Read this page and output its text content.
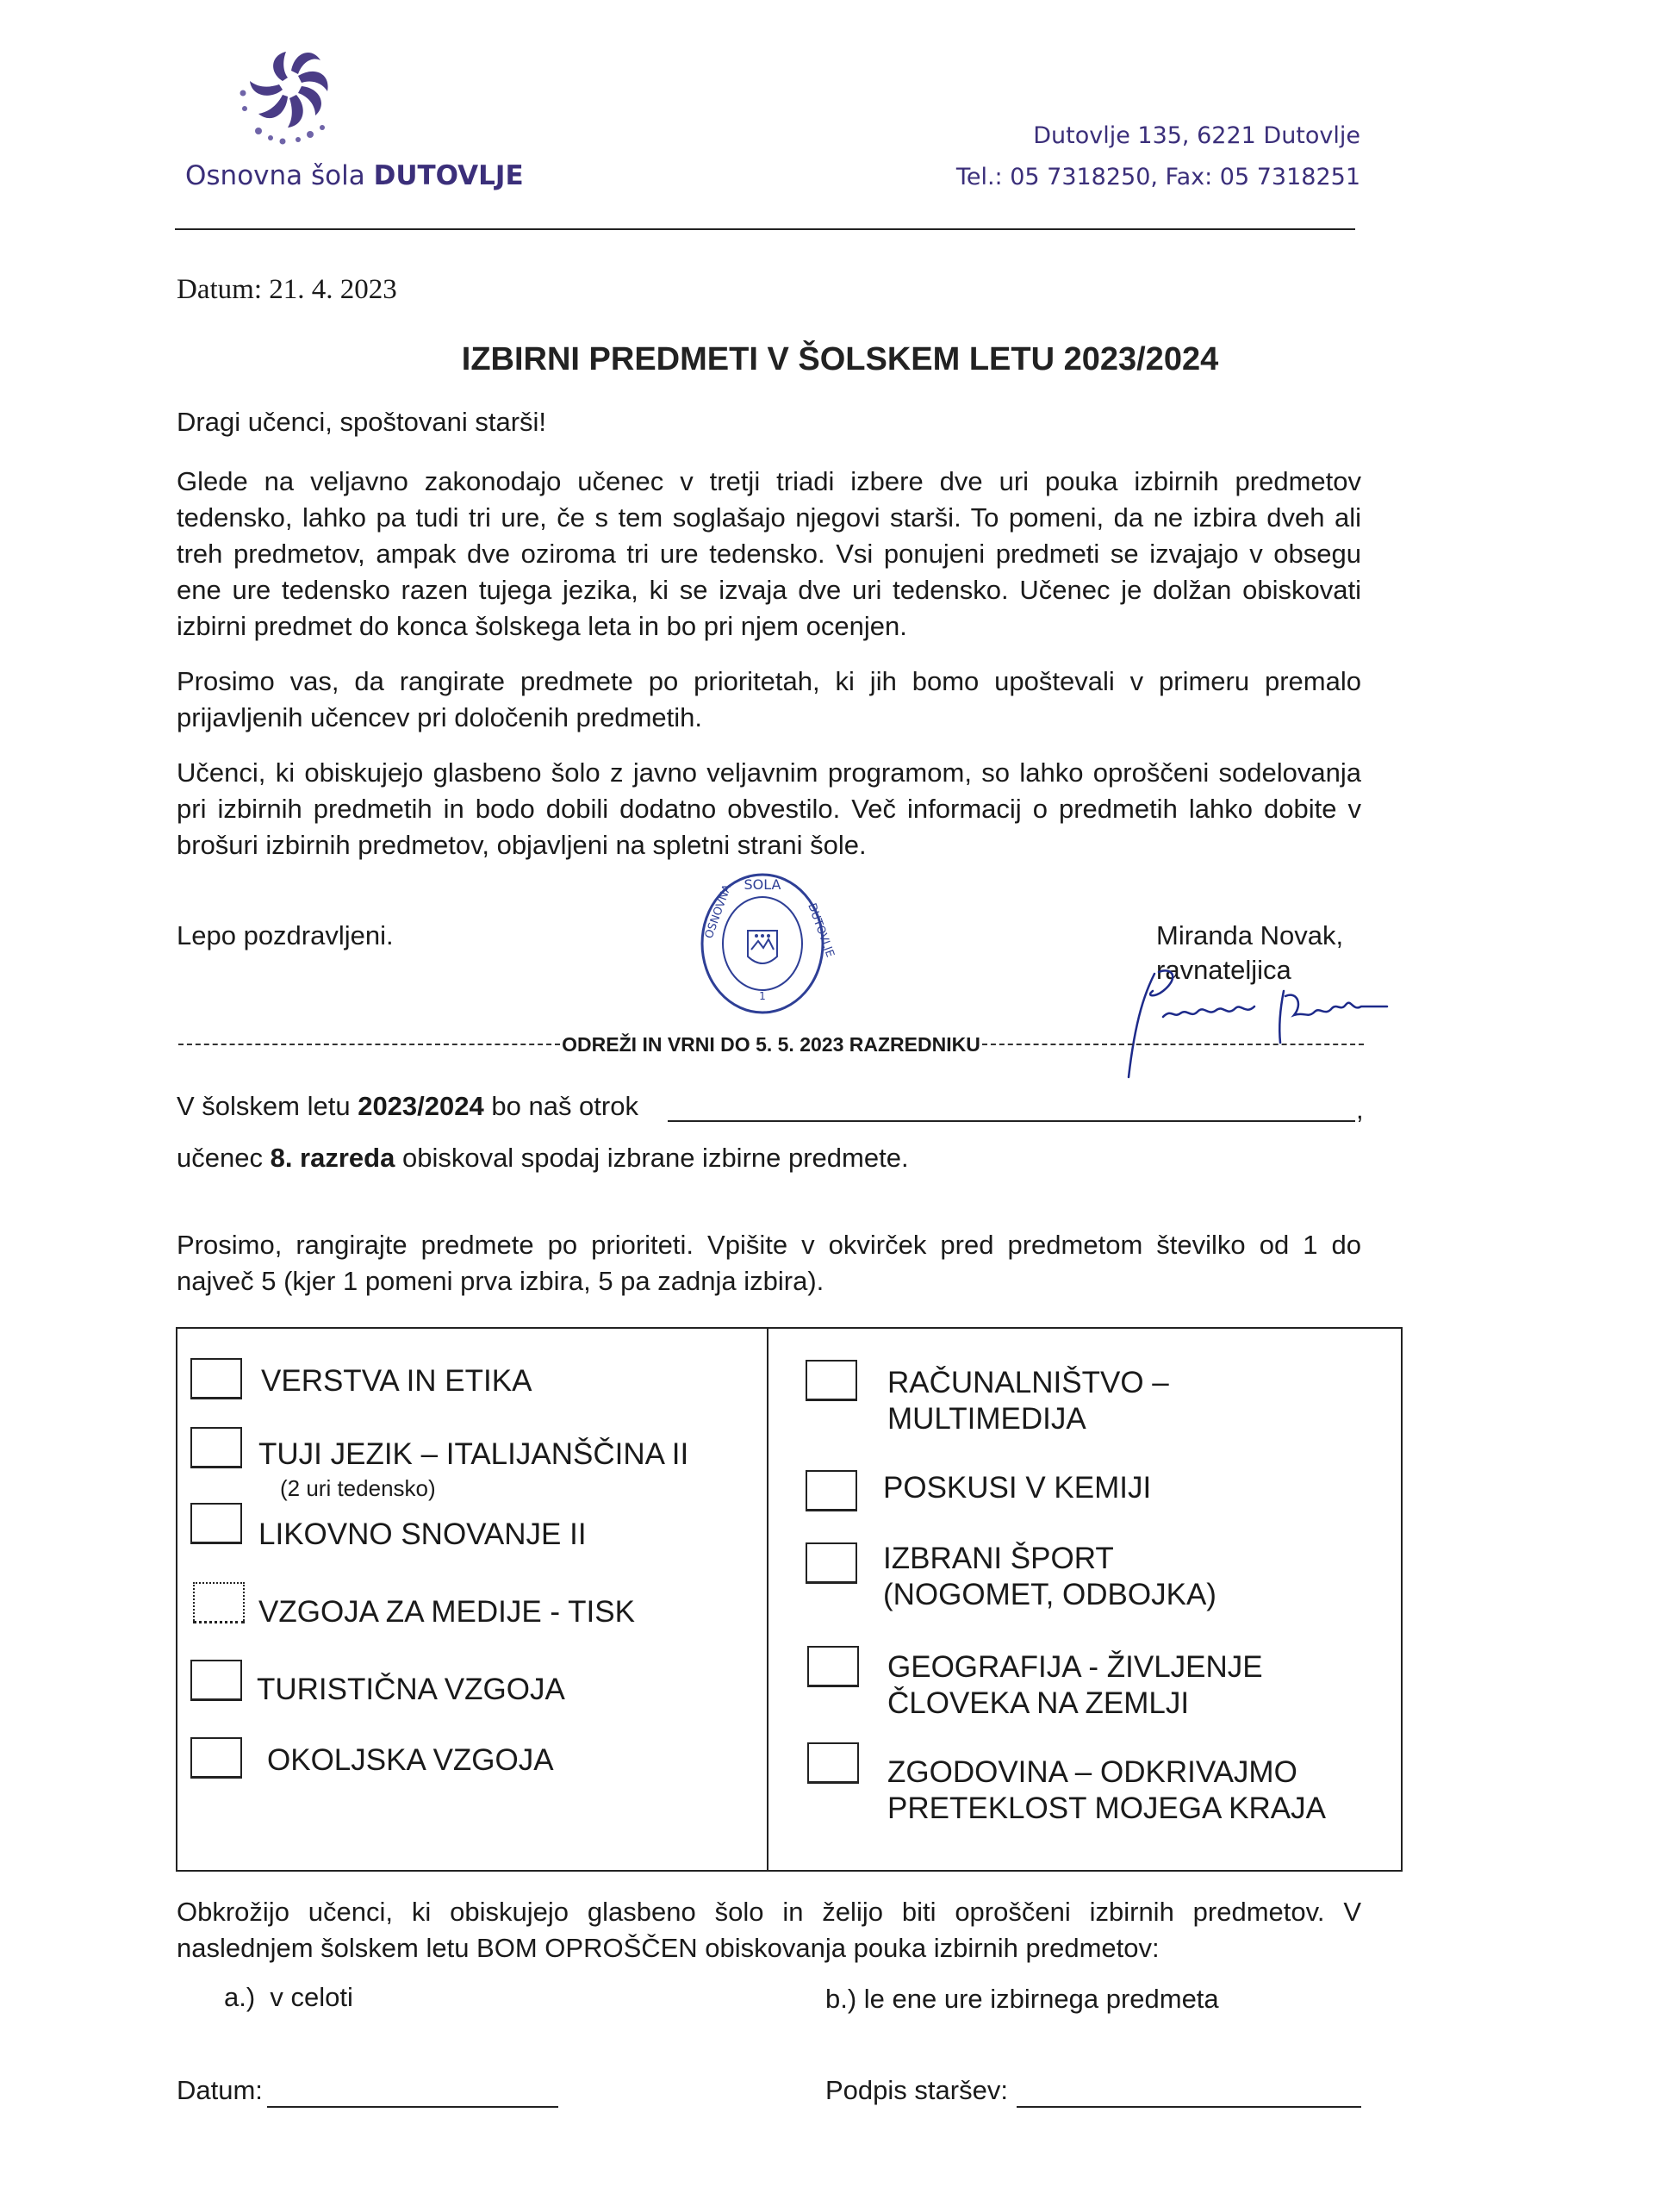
Osnovna šola DUTOVLJE
Dutovlje 135, 6221 Dutovlje
Tel.: 05 7318250, Fax: 05 7318251
Datum: 21. 4. 2023
IZBIRNI PREDMETI V ŠOLSKEM LETU 2023/2024
Dragi učenci, spoštovani starši!

Glede na veljavno zakonodajo učenec v tretji triadi izbere dve uri pouka izbirnih predmetov tedensko, lahko pa tudi tri ure, če s tem soglašajo njegovi starši. To pomeni, da ne izbira dveh ali treh predmetov, ampak dve oziroma tri ure tedensko. Vsi ponujeni predmeti se izvajajo v obsegu ene ure tedensko razen tujega jezika, ki se izvaja dve uri tedensko. Učenec je dolžan obiskovati izbirni predmet do konca šolskega leta in bo pri njem ocenjen.

Prosimo vas, da rangirate predmete po prioritetah, ki jih bomo upoštevali v primeru premalo prijavljenih učencev pri določenih predmetih.

Učenci, ki obiskujejo glasbeno šolo z javno veljavnim programom, so lahko oproščeni sodelovanja pri izbirnih predmetih in bodo dobili dodatno obvestilo. Več informacij o predmetih lahko dobite v brošuri izbirnih predmetov, objavljeni na spletni strani šole.

Lepo pozdravljeni.
ŠOLA
OSNOVNA	DUTOVLJE
1
Miranda Novak,
ravnateljica
ODREŽI IN VRNI DO 5. 5. 2023 RAZREDNIKU
V šolskem letu 2023/2024 bo naš otrok	,
učenec 8. razreda obiskoval spodaj izbrane izbirne predmete.

Prosimo, rangirajte predmete po prioriteti. Vpišite v okvirček pred predmetom številko od 1 do največ 5 (kjer 1 pomeni prva izbira, 5 pa zadnja izbira).

VERSTVA IN ETIKA
TUJI JEZIK – ITALIJANŠČINA II
(2 uri tedensko)
LIKOVNO SNOVANJE II
VZGOJA ZA MEDIJE - TISK
TURISTIČNA VZGOJA
OKOLJSKA VZGOJA
RAČUNALNIŠTVO –
MULTIMEDIJA
POSKUSI V KEMIJI
IZBRANI ŠPORT
(NOGOMET, ODBOJKA)
GEOGRAFIJA - ŽIVLJENJE
ČLOVEKA NA ZEMLJI
ZGODOVINA – ODKRIVAJMO
PRETEKLOST MOJEGA KRAJA

Obkrožijo učenci, ki obiskujejo glasbeno šolo in želijo biti oproščeni izbirnih predmetov. V naslednjem šolskem letu BOM OPROŠČEN obiskovanja pouka izbirnih predmetov:

a.)  v celoti	b.) le ene ure izbirnega predmeta
Datum:	Podpis staršev:
